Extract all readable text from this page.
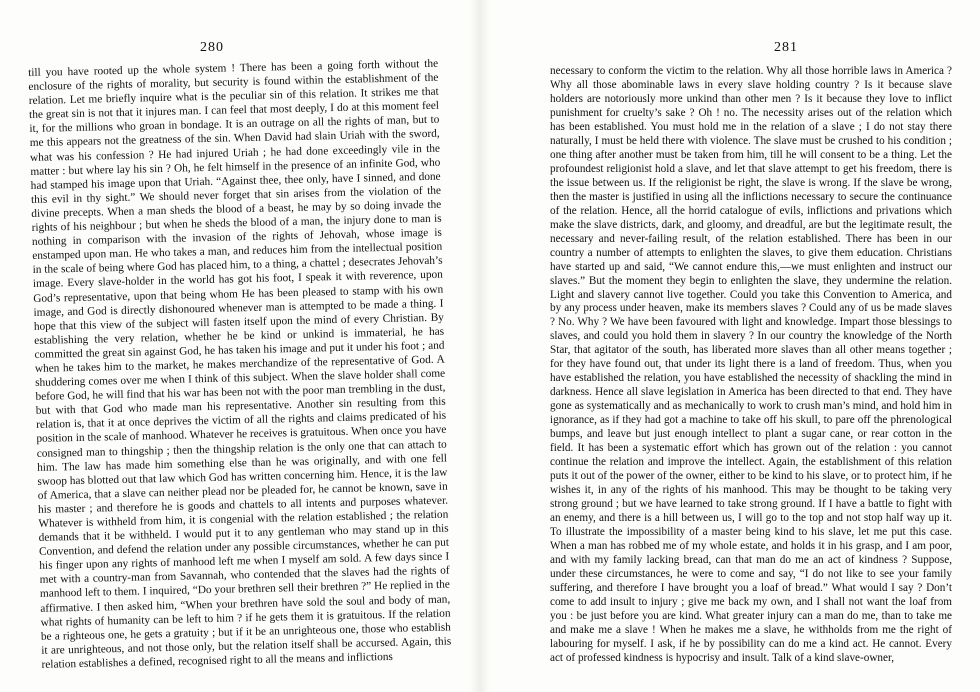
280

till you have rooted up the whole system ! There has been a going forth without the enclosure of the rights of morality, but security is found within the establishment of the relation. Let me briefly inquire what is the peculiar sin of this relation. It strikes me that the great sin is not that it injures man. I can feel that most deeply, I do at this moment feel it, for the millions who groan in bondage. It is an outrage on all the rights of man, but to me this appears not the greatness of the sin. When David had slain Uriah with the sword, what was his confession ? He had injured Uriah ; he had done exceedingly vile in the matter : but where lay his sin ? Oh, he felt himself in the presence of an infinite God, who had stamped his image upon that Uriah. “Against thee, thee only, have I sinned, and done this evil in thy sight.” We should never forget that sin arises from the violation of the divine precepts. When a man sheds the blood of a beast, he may by so doing invade the rights of his neighbour ; but when he sheds the blood of a man, the injury done to man is nothing in comparison with the invasion of the rights of Jehovah, whose image is enstamped upon man. He who takes a man, and reduces him from the intellectual position in the scale of being where God has placed him, to a thing, a chattel ; desecrates Jehovah’s image. Every slave-holder in the world has got his foot, I speak it with reverence, upon God’s representative, upon that being whom He has been pleased to stamp with his own image, and God is directly dishonoured whenever man is attempted to be made a thing. I hope that this view of the subject will fasten itself upon the mind of every Christian. By establishing the very relation, whether he be kind or unkind is immaterial, he has committed the great sin against God, he has taken his image and put it under his foot ; and when he takes him to the market, he makes merchandize of the representative of God. A shuddering comes over me when I think of this subject. When the slave holder shall come before God, he will find that his war has been not with the poor man trembling in the dust, but with that God who made man his representative. Another sin resulting from this relation is, that it at once deprives the victim of all the rights and claims predicated of his position in the scale of manhood. Whatever he receives is gratuitous. When once you have consigned man to thingship ; then the thingship relation is the only one that can attach to him. The law has made him something else than he was originally, and with one fell swoop has blotted out that law which God has written concerning him. Hence, it is the law of America, that a slave can neither plead nor be pleaded for, he cannot be known, save in his master ; and therefore he is goods and chattels to all intents and purposes whatever. Whatever is withheld from him, it is congenial with the relation established ; the relation demands that it be withheld. I would put it to any gentleman who may stand up in this Convention, and defend the relation under any possible circumstances, whether he can put his finger upon any rights of manhood left me when I myself am sold. A few days since I met with a country-man from Savannah, who contended that the slaves had the rights of manhood left to them. I inquired, “Do your brethren sell their brethren ?” He replied in the affirmative. I then asked him, “When your brethren have sold the soul and body of man, what rights of humanity can be left to him ? if he gets them it is gratuitous. If the relation be a righteous one, he gets a gratuity ; but if it be an unrighteous one, those who establish it are unrighteous, and not those only, but the relation itself shall be accursed. Again, this relation establishes a defined, recognised right to all the means and inflictions

281

necessary to conform the victim to the relation. Why all those horrible laws in America ? Why all those abominable laws in every slave holding country ? Is it because slave holders are notoriously more unkind than other men ? Is it because they love to inflict punishment for cruelty’s sake ? Oh ! no. The necessity arises out of the relation which has been established. You must hold me in the relation of a slave ; I do not stay there naturally, I must be held there with violence. The slave must be crushed to his condition ; one thing after another must be taken from him, till he will consent to be a thing. Let the profoundest religionist hold a slave, and let that slave attempt to get his freedom, there is the issue between us. If the religionist be right, the slave is wrong. If the slave be wrong, then the master is justified in using all the inflictions necessary to secure the continuance of the relation. Hence, all the horrid catalogue of evils, inflictions and privations which make the slave districts, dark, and gloomy, and dreadful, are but the legitimate result, the necessary and never-failing result, of the relation established. There has been in our country a number of attempts to enlighten the slaves, to give them education. Christians have started up and said, “We cannot endure this,—we must enlighten and instruct our slaves.” But the moment they begin to enlighten the slave, they undermine the relation. Light and slavery cannot live together. Could you take this Convention to America, and by any process under heaven, make its members slaves ? Could any of us be made slaves ? No. Why ? We have been favoured with light and knowledge. Impart those blessings to slaves, and could you hold them in slavery ? In our country the knowledge of the North Star, that agitator of the south, has liberated more slaves than all other means together ; for they have found out, that under its light there is a land of freedom. Thus, when you have established the relation, you have established the necessity of shackling the mind in darkness. Hence all slave legislation in America has been directed to that end. They have gone as systematically and as mechanically to work to crush man’s mind, and hold him in ignorance, as if they had got a machine to take off his skull, to pare off the phrenological bumps, and leave but just enough intellect to plant a sugar cane, or rear cotton in the field. It has been a systematic effort which has grown out of the relation : you cannot continue the relation and improve the intellect. Again, the establishment of this relation puts it out of the power of the owner, either to be kind to his slave, or to protect him, if he wishes it, in any of the rights of his manhood. This may be thought to be taking very strong ground ; but we have learned to take strong ground. If I have a battle to fight with an enemy, and there is a hill between us, I will go to the top and not stop half way up it. To illustrate the impossibility of a master being kind to his slave, let me put this case. When a man has robbed me of my whole estate, and holds it in his grasp, and I am poor, and with my family lacking bread, can that man do me an act of kindness ? Suppose, under these circumstances, he were to come and say, “I do not like to see your family suffering, and therefore I have brought you a loaf of bread.” What would I say ? Don’t come to add insult to injury ; give me back my own, and I shall not want the loaf from you : be just before you are kind. What greater injury can a man do me, than to take me and make me a slave ! When he makes me a slave, he withholds from me the right of labouring for myself. I ask, if he by possibility can do me a kind act. He cannot. Every act of professed kindness is hypocrisy and insult. Talk of a kind slave-owner,
